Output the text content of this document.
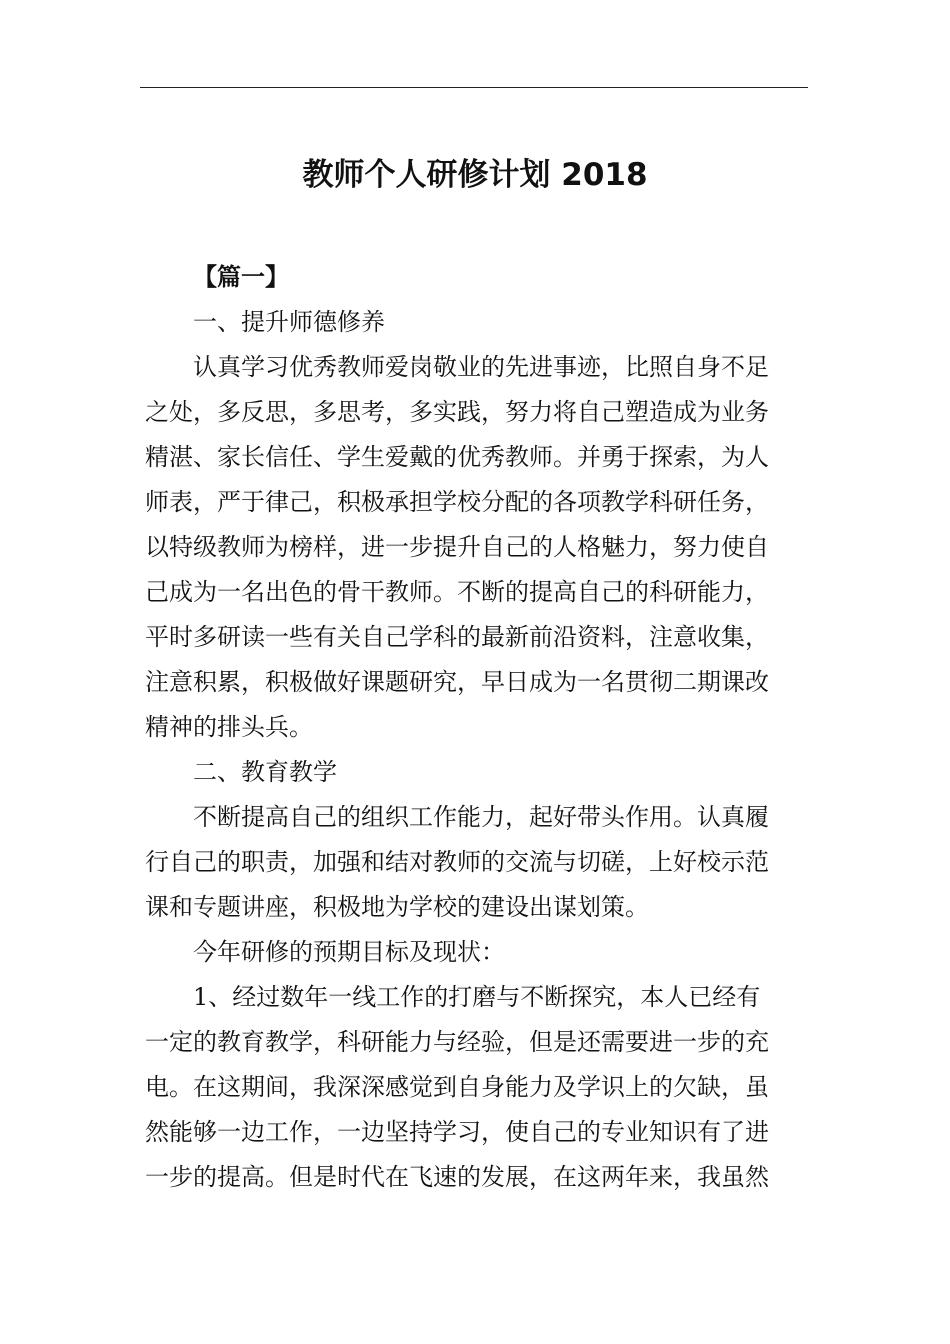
教师个人研修计划 2018
【篇一】
一、提升师德修养
认真学习优秀教师爱岗敬业的先进事迹，比照自身不足
之处，多反思，多思考，多实践，努力将自己塑造成为业务
精湛、家长信任、学生爱戴的优秀教师。并勇于探索，为人
师表，严于律己，积极承担学校分配的各项教学科研任务，
以特级教师为榜样，进一步提升自己的人格魅力，努力使自
己成为一名出色的骨干教师。不断的提高自己的科研能力，
平时多研读一些有关自己学科的最新前沿资料，注意收集，
注意积累，积极做好课题研究，早日成为一名贯彻二期课改
精神的排头兵。
二、教育教学
不断提高自己的组织工作能力，起好带头作用。认真履
行自己的职责，加强和结对教师的交流与切磋，上好校示范
课和专题讲座，积极地为学校的建设出谋划策。
今年研修的预期目标及现状：
1、经过数年一线工作的打磨与不断探究，本人已经有
一定的教育教学，科研能力与经验，但是还需要进一步的充
电。在这期间，我深深感觉到自身能力及学识上的欠缺，虽
然能够一边工作，一边坚持学习，使自己的专业知识有了进
一步的提高。但是时代在飞速的发展，在这两年来，我虽然
